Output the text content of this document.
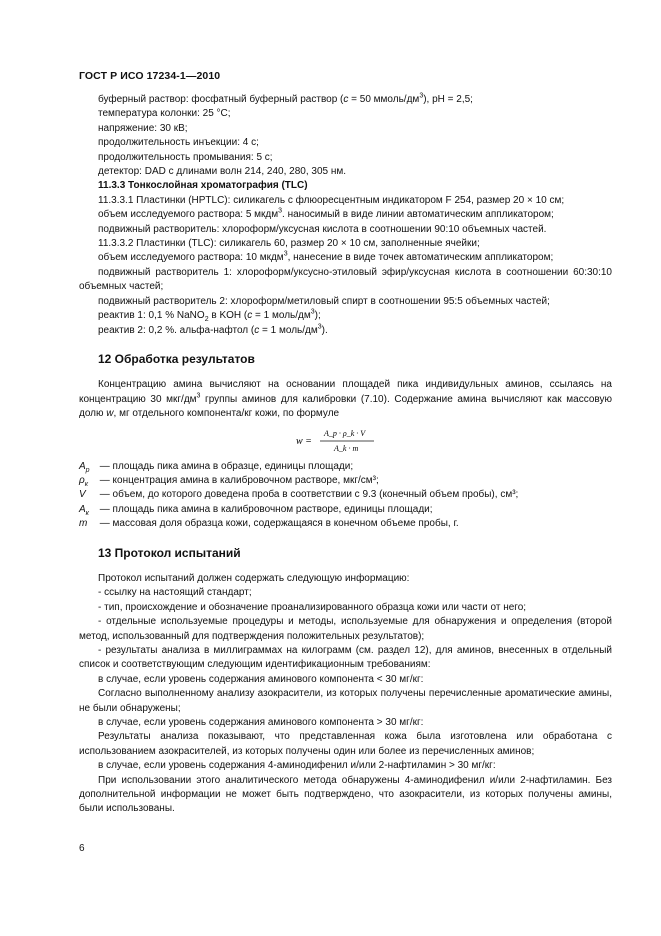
ГОСТ Р ИСО 17234-1—2010

буферный раствор: фосфатный буферный раствор (c = 50 ммоль/$дм^3$), pH = 2,5;

температура колонки: 25 °С;

напряжение: 30 кВ;

продолжительность инъекции: 4 с;

продолжительность промывания: 5 с;

детектор: DAD с длинами волн 214, 240, 280, 305 нм.

11.3.3 Тонкослойная хроматография (TLC)

11.3.3.1 Пластинки (HPTLC): силикагель с флюоресцентным индикатором F 254, размер 20 × 10 см;

объем исследуемого раствора: 5 мкдм$^3$. наносимый в виде линии автоматическим аппликатором;

подвижный растворитель: хлороформ/уксусная кислота в соотношении 90:10 объемных частей.

11.3.3.2 Пластинки (TLC): силикагель 60, размер 20 × 10 см, заполненные ячейки;

объем исследуемого раствора: 10 мкдм$^3$, нанесение в виде точек автоматическим аппликатором;

подвижный растворитель 1: хлороформ/уксусно-этиловый эфир/уксусная кислота в соотношении 60:30:10 объемных частей;

подвижный растворитель 2: хлороформ/метиловый спирт в соотношении 95:5 объемных частей;

реактив 1: 0,1 % NaNO$_2$ в KOH (c = 1 моль/$дм^3$);

реактив 2: 0,2 %. альфа-нафтол (c = 1 моль/$дм^3$).

12 Обработка результатов

Концентрацию амина вычисляют на основании площадей пика индивидульных аминов, ссылаясь на концентрацию 30 мкг/$дм^3$ группы аминов для калибровки (7.10). Содержание амина вычисляют как массовую долю w, мг отдельного компонента/кг кожи, по формуле

w =
A_p · ρ_k · V
A_k · m

$A_p$ — площадь пика амина в образце, единицы площади;

$\rho_к$ — концентрация амина в калибровочном растворе, мкг/см³;

V — объем, до которого доведена проба в соответствии с 9.3 (конечный объем пробы), см³;

$A_к$ — площадь пика амина в калибровочном растворе, единицы площади;

m — массовая доля образца кожи, содержащаяся в конечном объеме пробы, г.

13 Протокол испытаний

Протокол испытаний должен содержать следующую информацию:

- ссылку на настоящий стандарт;

- тип, происхождение и обозначение проанализированного образца кожи или части от него;

- отдельные используемые процедуры и методы, используемые для обнаружения и определения (второй метод, использованный для подтверждения положительных результатов);

- результаты анализа в миллиграммах на килограмм (см. раздел 12), для аминов, внесенных в отдельный список и соответствующим следующим идентификационным требованиям:

в случае, если уровень содержания аминового компонента < 30 мг/кг:

Согласно выполненному анализу азокрасители, из которых получены перечисленные ароматические амины, не были обнаружены;

в случае, если уровень содержания аминового компонента > 30 мг/кг:

Результаты анализа показывают, что представленная кожа была изготовлена или обработана с использованием азокрасителей, из которых получены один или более из перечисленных аминов;

в случае, если уровень содержания 4-аминодифенил и/или 2-нафтиламин > 30 мг/кг:

При использовании этого аналитического метода обнаружены 4-аминодифенил и/или 2-нафтиламин. Без дополнительной информации не может быть подтверждено, что азокрасители, из которых получены амины, были использованы.

6
